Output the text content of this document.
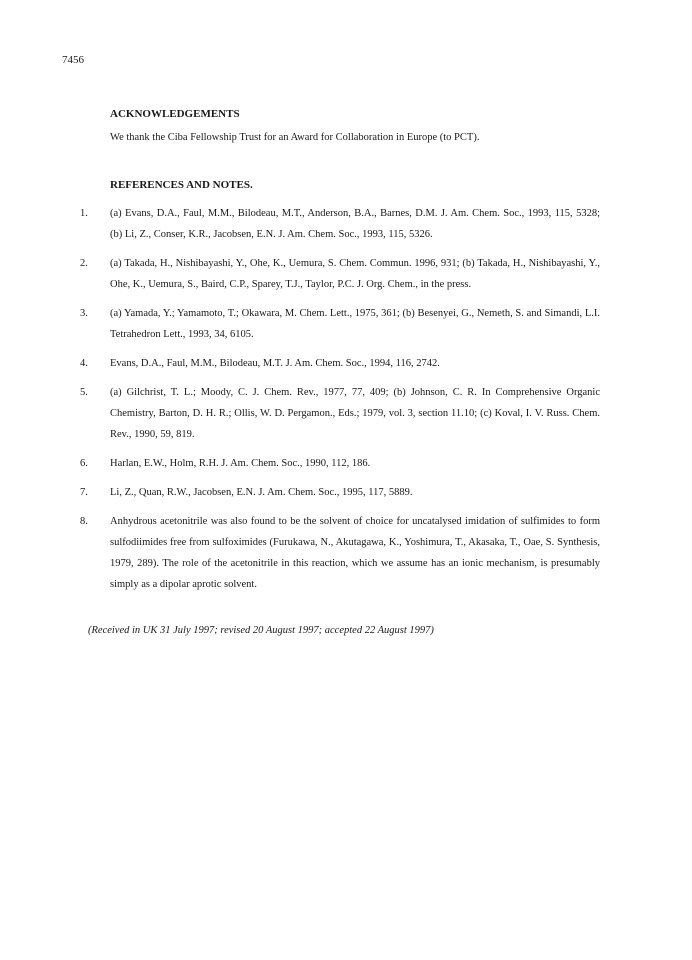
7456
ACKNOWLEDGEMENTS
We thank the Ciba Fellowship Trust for an Award for Collaboration in Europe (to PCT).
REFERENCES AND NOTES.
1.	(a) Evans, D.A., Faul, M.M., Bilodeau, M.T., Anderson, B.A., Barnes, D.M. J. Am. Chem. Soc., 1993, 115, 5328; (b) Li, Z., Conser, K.R., Jacobsen, E.N. J. Am. Chem. Soc., 1993, 115, 5326.
2.	(a) Takada, H., Nishibayashi, Y., Ohe, K., Uemura, S. Chem. Commun. 1996, 931; (b) Takada, H., Nishibayashi, Y., Ohe, K., Uemura, S., Baird, C.P., Sparey, T.J., Taylor, P.C. J. Org. Chem., in the press.
3.	(a) Yamada, Y.; Yamamoto, T.; Okawara, M. Chem. Lett., 1975, 361; (b) Besenyei, G., Nemeth, S. and Simandi, L.I. Tetrahedron Lett., 1993, 34, 6105.
4.	Evans, D.A., Faul, M.M., Bilodeau, M.T. J. Am. Chem. Soc., 1994, 116, 2742.
5.	(a) Gilchrist, T. L.; Moody, C. J. Chem. Rev., 1977, 77, 409; (b) Johnson, C. R. In Comprehensive Organic Chemistry, Barton, D. H. R.; Ollis, W. D. Pergamon., Eds.; 1979, vol. 3, section 11.10; (c) Koval, I. V. Russ. Chem. Rev., 1990, 59, 819.
6.	Harlan, E.W., Holm, R.H. J. Am. Chem. Soc., 1990, 112, 186.
7.	Li, Z., Quan, R.W., Jacobsen, E.N. J. Am. Chem. Soc., 1995, 117, 5889.
8.	Anhydrous acetonitrile was also found to be the solvent of choice for uncatalysed imidation of sulfimides to form sulfodiimides free from sulfoximides (Furukawa, N., Akutagawa, K., Yoshimura, T., Akasaka, T., Oae, S. Synthesis, 1979, 289). The role of the acetonitrile in this reaction, which we assume has an ionic mechanism, is presumably simply as a dipolar aprotic solvent.
(Received in UK 31 July 1997; revised 20 August 1997; accepted 22 August 1997)
